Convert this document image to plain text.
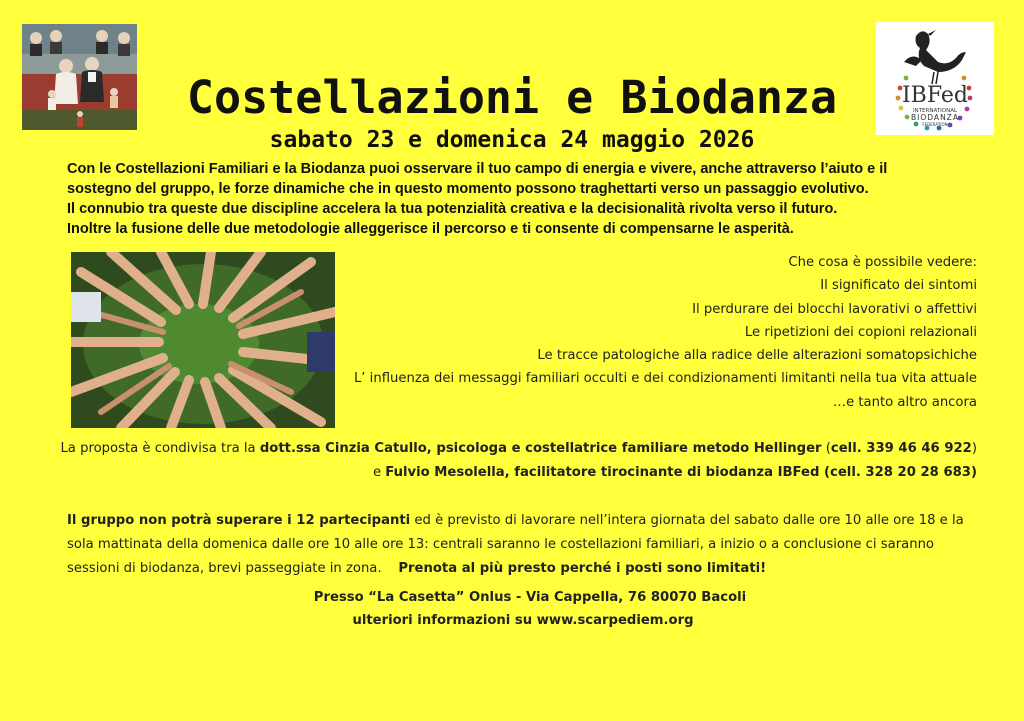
IBFed
INTERNATIONAL
BIODANZA
FEDERATION
Costellazioni e Biodanza
sabato 23 e domenica 24 maggio 2026
Con le Costellazioni Familiari e la Biodanza puoi osservare il tuo campo di energia e vivere, anche attraverso l’aiuto e il
sostegno del gruppo, le forze dinamiche che in questo momento possono traghettarti verso un passaggio evolutivo.
Il connubio tra queste due discipline accelera la tua potenzialità creativa e la decisionalità rivolta verso il futuro.
Inoltre la fusione delle due metodologie alleggerisce il percorso e ti consente di compensarne le asperità.
Che cosa è possibile vedere:
Il significato dei sintomi
Il perdurare dei blocchi lavorativi o affettivi
Le ripetizioni dei copioni relazionali
Le tracce patologiche alla radice delle alterazioni somatopsichiche
L’ influenza dei messaggi familiari occulti e dei condizionamenti limitanti nella tua vita attuale
…e tanto altro ancora
La proposta è condivisa tra la dott.ssa Cinzia Catullo, psicologa e costellatrice familiare metodo Hellinger (cell. 339 46 46 922)
e Fulvio Mesolella, facilitatore tirocinante di biodanza IBFed (cell. 328 20 28 683)
Il gruppo non potrà superare i 12 partecipanti ed è previsto di lavorare nell’intera giornata del sabato dalle ore 10 alle ore 18 e la
sola mattinata della domenica dalle ore 10 alle ore 13: centrali saranno le costellazioni familiari, a inizio o a conclusione ci saranno
sessioni di biodanza, brevi passeggiate in zona. Prenota al più presto perché i posti sono limitati!
Presso “La Casetta” Onlus - Via Cappella, 76 80070 Bacoli
ulteriori informazioni su www.scarpediem.org
